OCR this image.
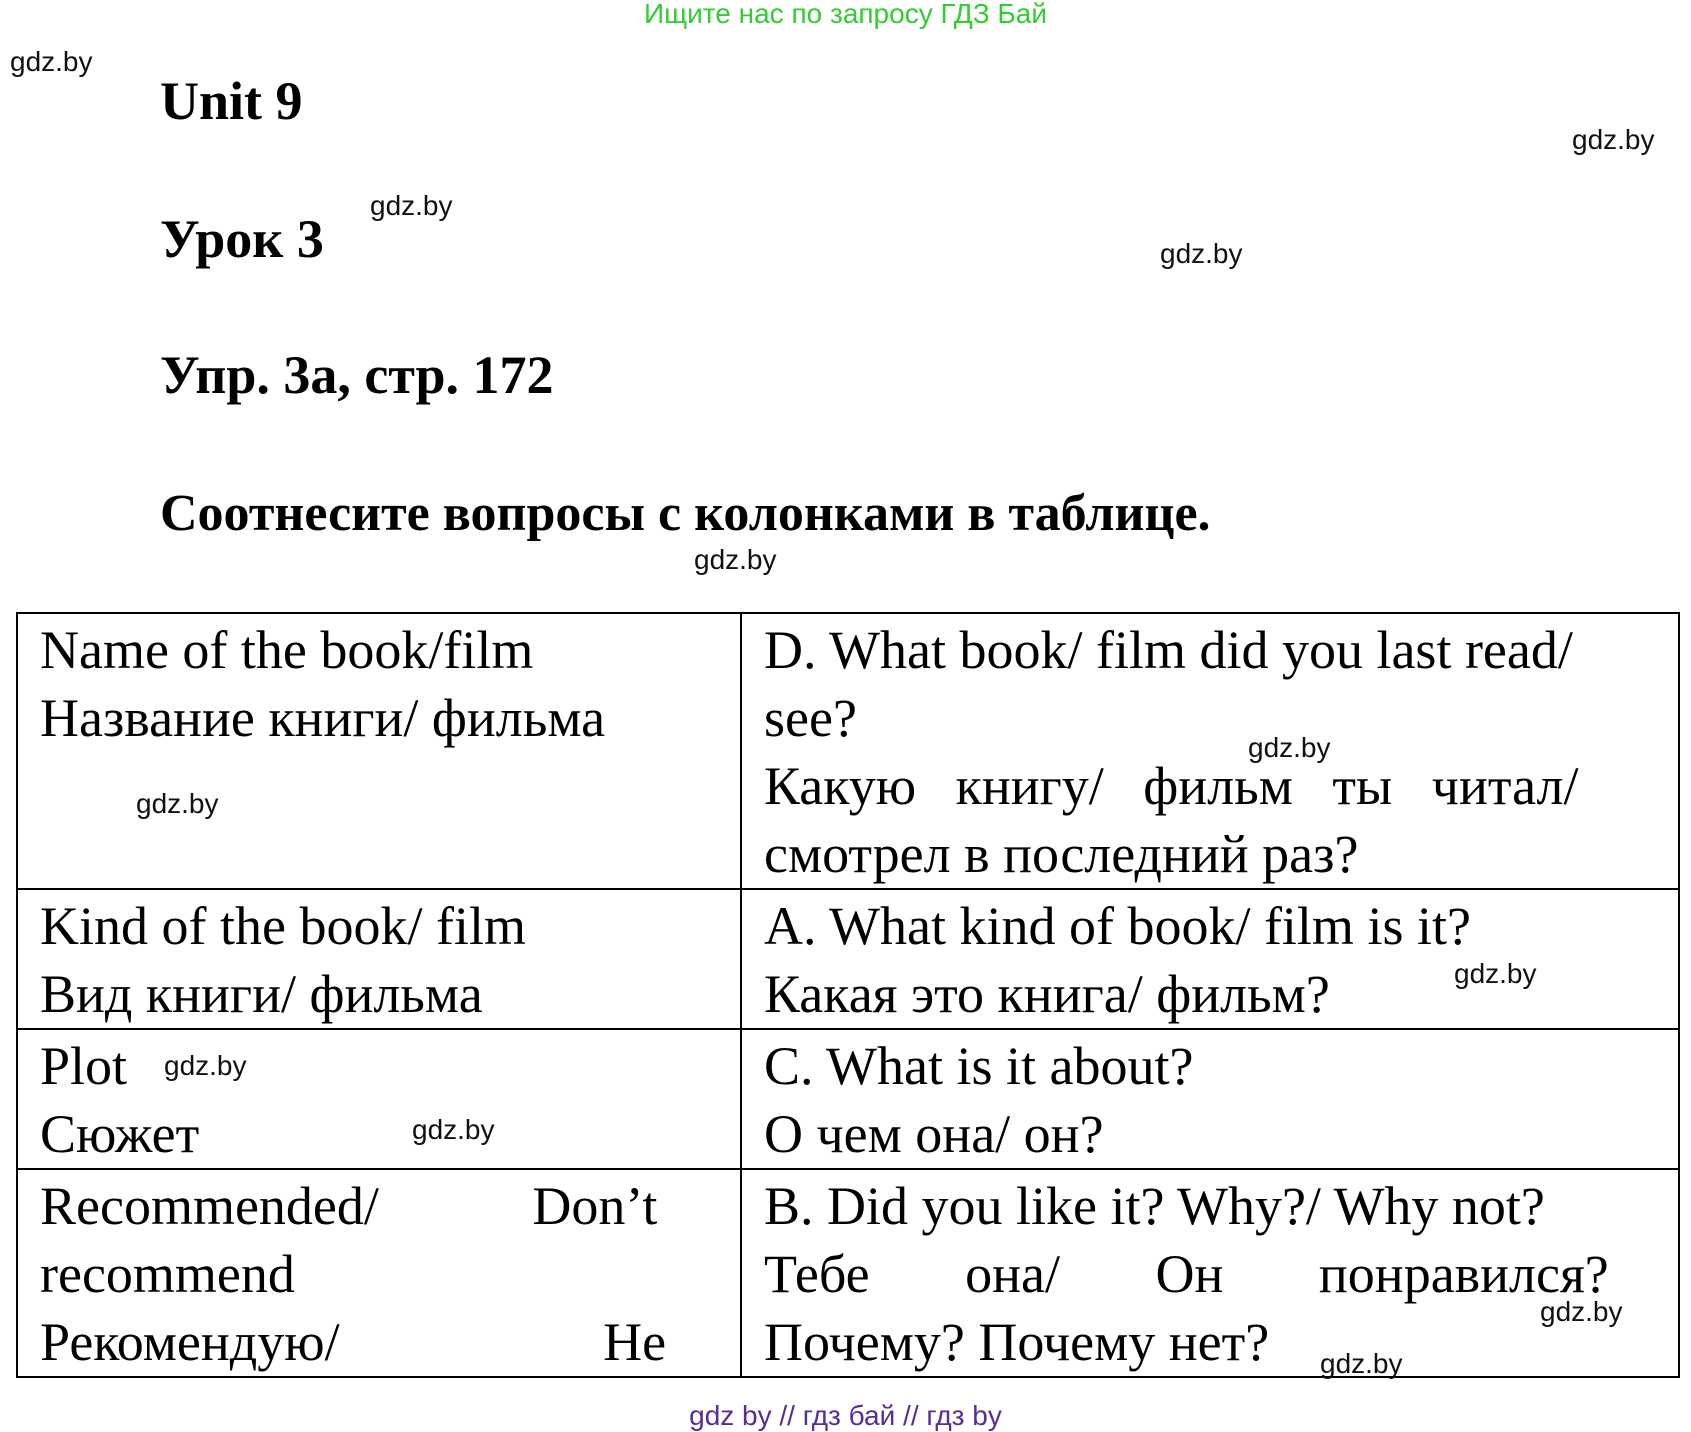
Ищите нас по запросу ГДЗ Бай
gdz.by
gdz.by
gdz.by
gdz.by
gdz.by
Unit 9
Урок 3
Упр. 3а, стр. 172
Соотнесите вопросы с колонками в таблице.
Name of the book/film
Название книги/ фильма	D. What book/ film did you last read/
see?
Какую книгу/ фильм ты читал/
смотрел в последний раз?

Kind of the book/ film
Вид книги/ фильма	A. What kind of book/ film is it?
Какая это книга/ фильм?

Plot
Сюжет	C. What is it about?
О чем она/ он?

Recommended/ Don’t
recommend
Рекомендую/ Не	B. Did you like it? Why?/ Why not?
Тебе она/ Он понравился?
Почему? Почему нет?
gdz.by
gdz.by
gdz.by
gdz.by
gdz.by
gdz.by
gdz.by
gdz by // гдз бай // гдз by
